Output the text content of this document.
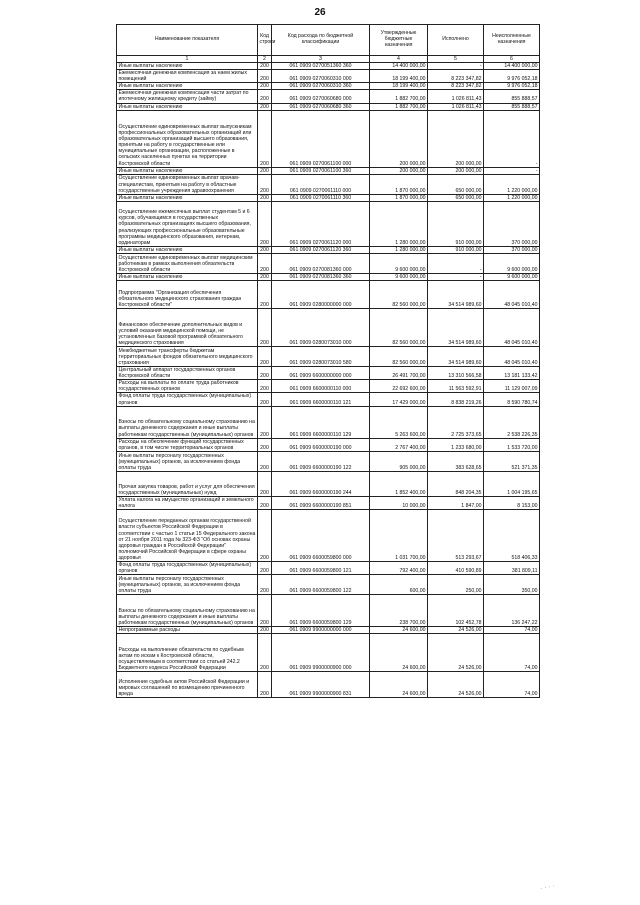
26
Наименование показателя	Код строки	Код расхода по бюджетной классификации	Утвержденные бюджетные назначения	Исполнено	Неисполненные назначения
1	2	3	4	5	6
Иные выплаты населению	200	061 0909 0270051360 360	14 400 000,00	-	14 400 000,00
Ежемесячная денежная компенсация за наем жилых помещений	200	061 0909 0270060310 000	18 199 400,00	8 223 347,82	9 976 052,18
Иные выплаты населению	200	061 0909 0270060310 360	18 199 400,00	8 223 347,82	9 976 052,18
Ежемесячная денежная компенсация части затрат по ипотечному жилищному кредиту (займу)	200	061 0909 0270060680 000	1 882 700,00	1 026 811,43	855 888,57
Иные выплаты населению	200	061 0909 0270060680 360	1 882 700,00	1 026 811,43	855 888,57
Осуществление единовременных выплат выпускникам профессиональных образовательных организаций или образовательных организаций высшего образования, принятым на работу в государственные или муниципальные организации, расположенные в сельских населенных пунктах на территории Костромской области	200	061 0909 0270061100 000	200 000,00	200 000,00	-
Иные выплаты населению	200	061 0909 0270061100 360	200 000,00	200 000,00	-
Осуществление единовременных выплат врачам-специалистам, принятым на работу в областные государственные учреждения здравоохранения	200	061 0909 0270061110 000	1 870 000,00	650 000,00	1 220 000,00
Иные выплаты населению	200	061 0909 0270061110 360	1 870 000,00	650 000,00	1 220 000,00
Осуществление ежемесячных выплат студентам 5 и 6 курсов, обучающимся в государственных образовательных организациях высшего образования, реализующих профессиональные образовательные программы медицинского образования, интернам, ординаторам	200	061 0909 0270061120 000	1 280 000,00	910 000,00	370 000,00
Иные выплаты населению	200	061 0909 0270061120 360	1 280 000,00	910 000,00	370 000,00
Осуществление единовременных выплат медицинским работникам в рамках выполнения обязательств Костромской области	200	061 0909 0270081360 000	9 600 000,00	-	9 600 000,00
Иные выплаты населению	200	061 0909 0270081360 360	9 600 000,00	-	9 600 000,00
Подпрограмма "Организация обеспечения обязательного медицинского страхования граждан Костромской области"	200	061 0909 0280000000 000	82 560 000,00	34 514 989,60	48 045 010,40
Финансовое обеспечение дополнительных видов и условий оказания медицинской помощи, не установленных базовой программой обязательного медицинского страхования	200	061 0909 0280073010 000	82 560 000,00	34 514 989,60	48 045 010,40
Межбюджетные трансферты бюджетам территориальных фондов обязательного медицинского страхования	200	061 0909 0280073010 580	82 560 000,00	34 514 989,60	48 045 010,40
Центральный аппарат государственных органов Костромской области	200	061 0909 6600000000 000	26 491 700,00	13 310 566,58	13 181 133,42
Расходы на выплаты по оплате труда работников государственных органов	200	061 0909 6600000110 000	22 692 600,00	11 563 592,91	11 129 007,09
Фонд оплаты труда государственных (муниципальных) органов	200	061 0909 6600000110 121	17 429 000,00	8 838 219,26	8 590 780,74
Взносы по обязательному социальному страхованию на выплаты денежного содержания и иные выплаты работникам государственных (муниципальных) органов	200	061 0909 6600000110 129	5 263 600,00	2 725 373,65	2 538 226,35
Расходы на обеспечение функций государственных органов, в том числе территориальных органов	200	061 0909 6600000190 000	2 767 400,00	1 233 680,00	1 533 720,00
Иные выплаты персоналу государственных (муниципальных) органов, за исключением фонда оплаты труда	200	061 0909 6600000190 122	905 000,00	383 628,65	521 371,35
Прочая закупка товаров, работ и услуг для обеспечения государственных (муниципальных) нужд	200	061 0909 6600000190 244	1 852 400,00	848 204,35	1 004 195,65
Уплата налога на имущество организаций и земельного налога	200	061 0909 6600000190 851	10 000,00	1 847,00	8 153,00
Осуществление переданных органам государственной власти субъектов Российской Федерации в соответствии с частью 1 статьи 15 Федерального закона от 21 ноября 2011 года № 323-ФЗ "Об основах охраны здоровья граждан в Российской Федерации" полномочий Российской Федерации в сфере охраны здоровья	200	061 0909 6600059800 000	1 031 700,00	513 293,67	518 406,33
Фонд оплаты труда государственных (муниципальных) органов	200	061 0909 6600059800 121	792 400,00	410 590,89	381 809,11
Иные выплаты персоналу государственных (муниципальных) органов, за исключением фонда оплаты труда	200	061 0909 6600059800 122	600,00	250,00	350,00
Взносы по обязательному социальному страхованию на выплаты денежного содержания и иные выплаты работникам государственных (муниципальных) органов	200	061 0909 6600059800 129	238 700,00	102 452,78	136 247,22
Непрограммные расходы	200	061 0909 9900000000 000	24 600,00	24 526,00	74,00
Расходы на выполнение обязательств по судебным актам по искам к Костромской области, осуществляемым в соответствии со статьей 242.2 Бюджетного кодекса Российской Федерации	200	061 0909 9900000900 000	24 600,00	24 526,00	74,00
Исполнение судебных актов Российской Федерации и мировых соглашений по возмещению причиненного вреда	200	061 0909 9900000900 831	24 600,00	24 526,00	74,00
· · · ·
